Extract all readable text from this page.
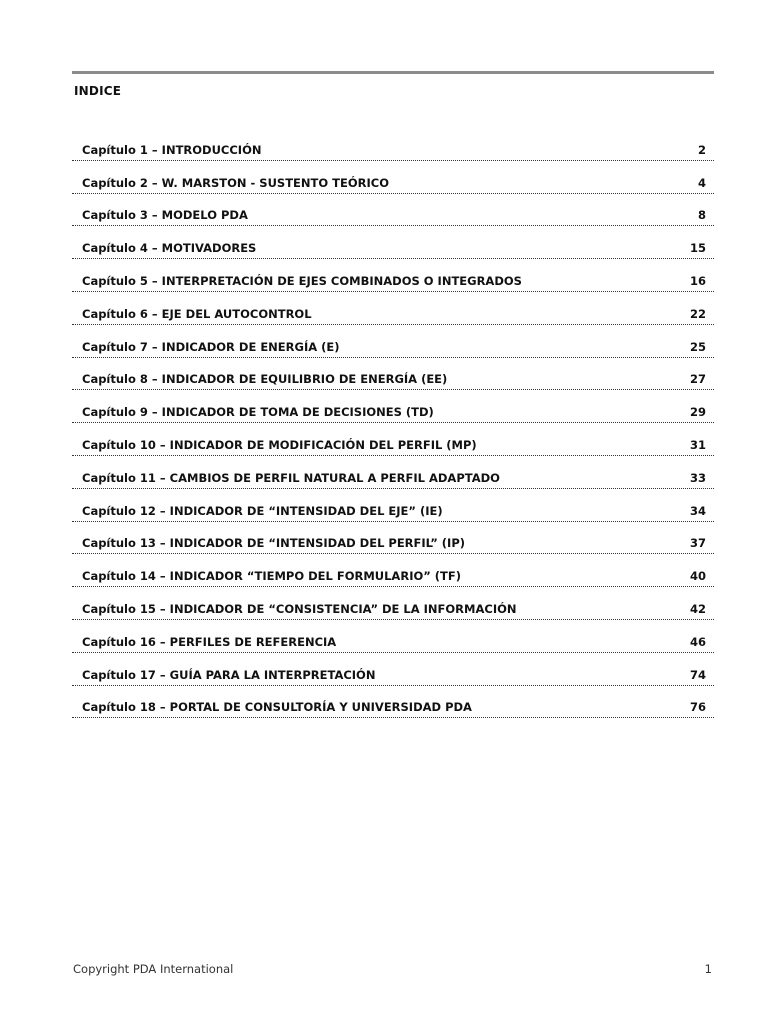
INDICE
Capítulo 1 – INTRODUCCIÓN	2
Capítulo 2 – W. MARSTON - SUSTENTO TEÓRICO	4
Capítulo 3 – MODELO PDA	8
Capítulo 4 – MOTIVADORES	15
Capítulo 5 – INTERPRETACIÓN DE EJES COMBINADOS O INTEGRADOS	16
Capítulo 6 – EJE DEL AUTOCONTROL	22
Capítulo 7 – INDICADOR DE ENERGÍA (E)	25
Capítulo 8 – INDICADOR DE EQUILIBRIO DE ENERGÍA (EE)	27
Capítulo 9 – INDICADOR DE TOMA DE DECISIONES (TD)	29
Capítulo 10 – INDICADOR DE MODIFICACIÓN DEL PERFIL (MP)	31
Capítulo 11 – CAMBIOS DE PERFIL NATURAL A PERFIL ADAPTADO	33
Capítulo 12 – INDICADOR DE “INTENSIDAD DEL EJE” (IE)	34
Capítulo 13 – INDICADOR DE “INTENSIDAD DEL PERFIL” (IP)	37
Capítulo 14 – INDICADOR “TIEMPO DEL FORMULARIO” (TF)	40
Capítulo 15 – INDICADOR DE “CONSISTENCIA” DE LA INFORMACIÓN	42
Capítulo 16 – PERFILES DE REFERENCIA	46
Capítulo 17 – GUÍA PARA LA INTERPRETACIÓN	74
Capítulo 18 – PORTAL DE CONSULTORÍA Y UNIVERSIDAD PDA	76
Copyright PDA International	1
